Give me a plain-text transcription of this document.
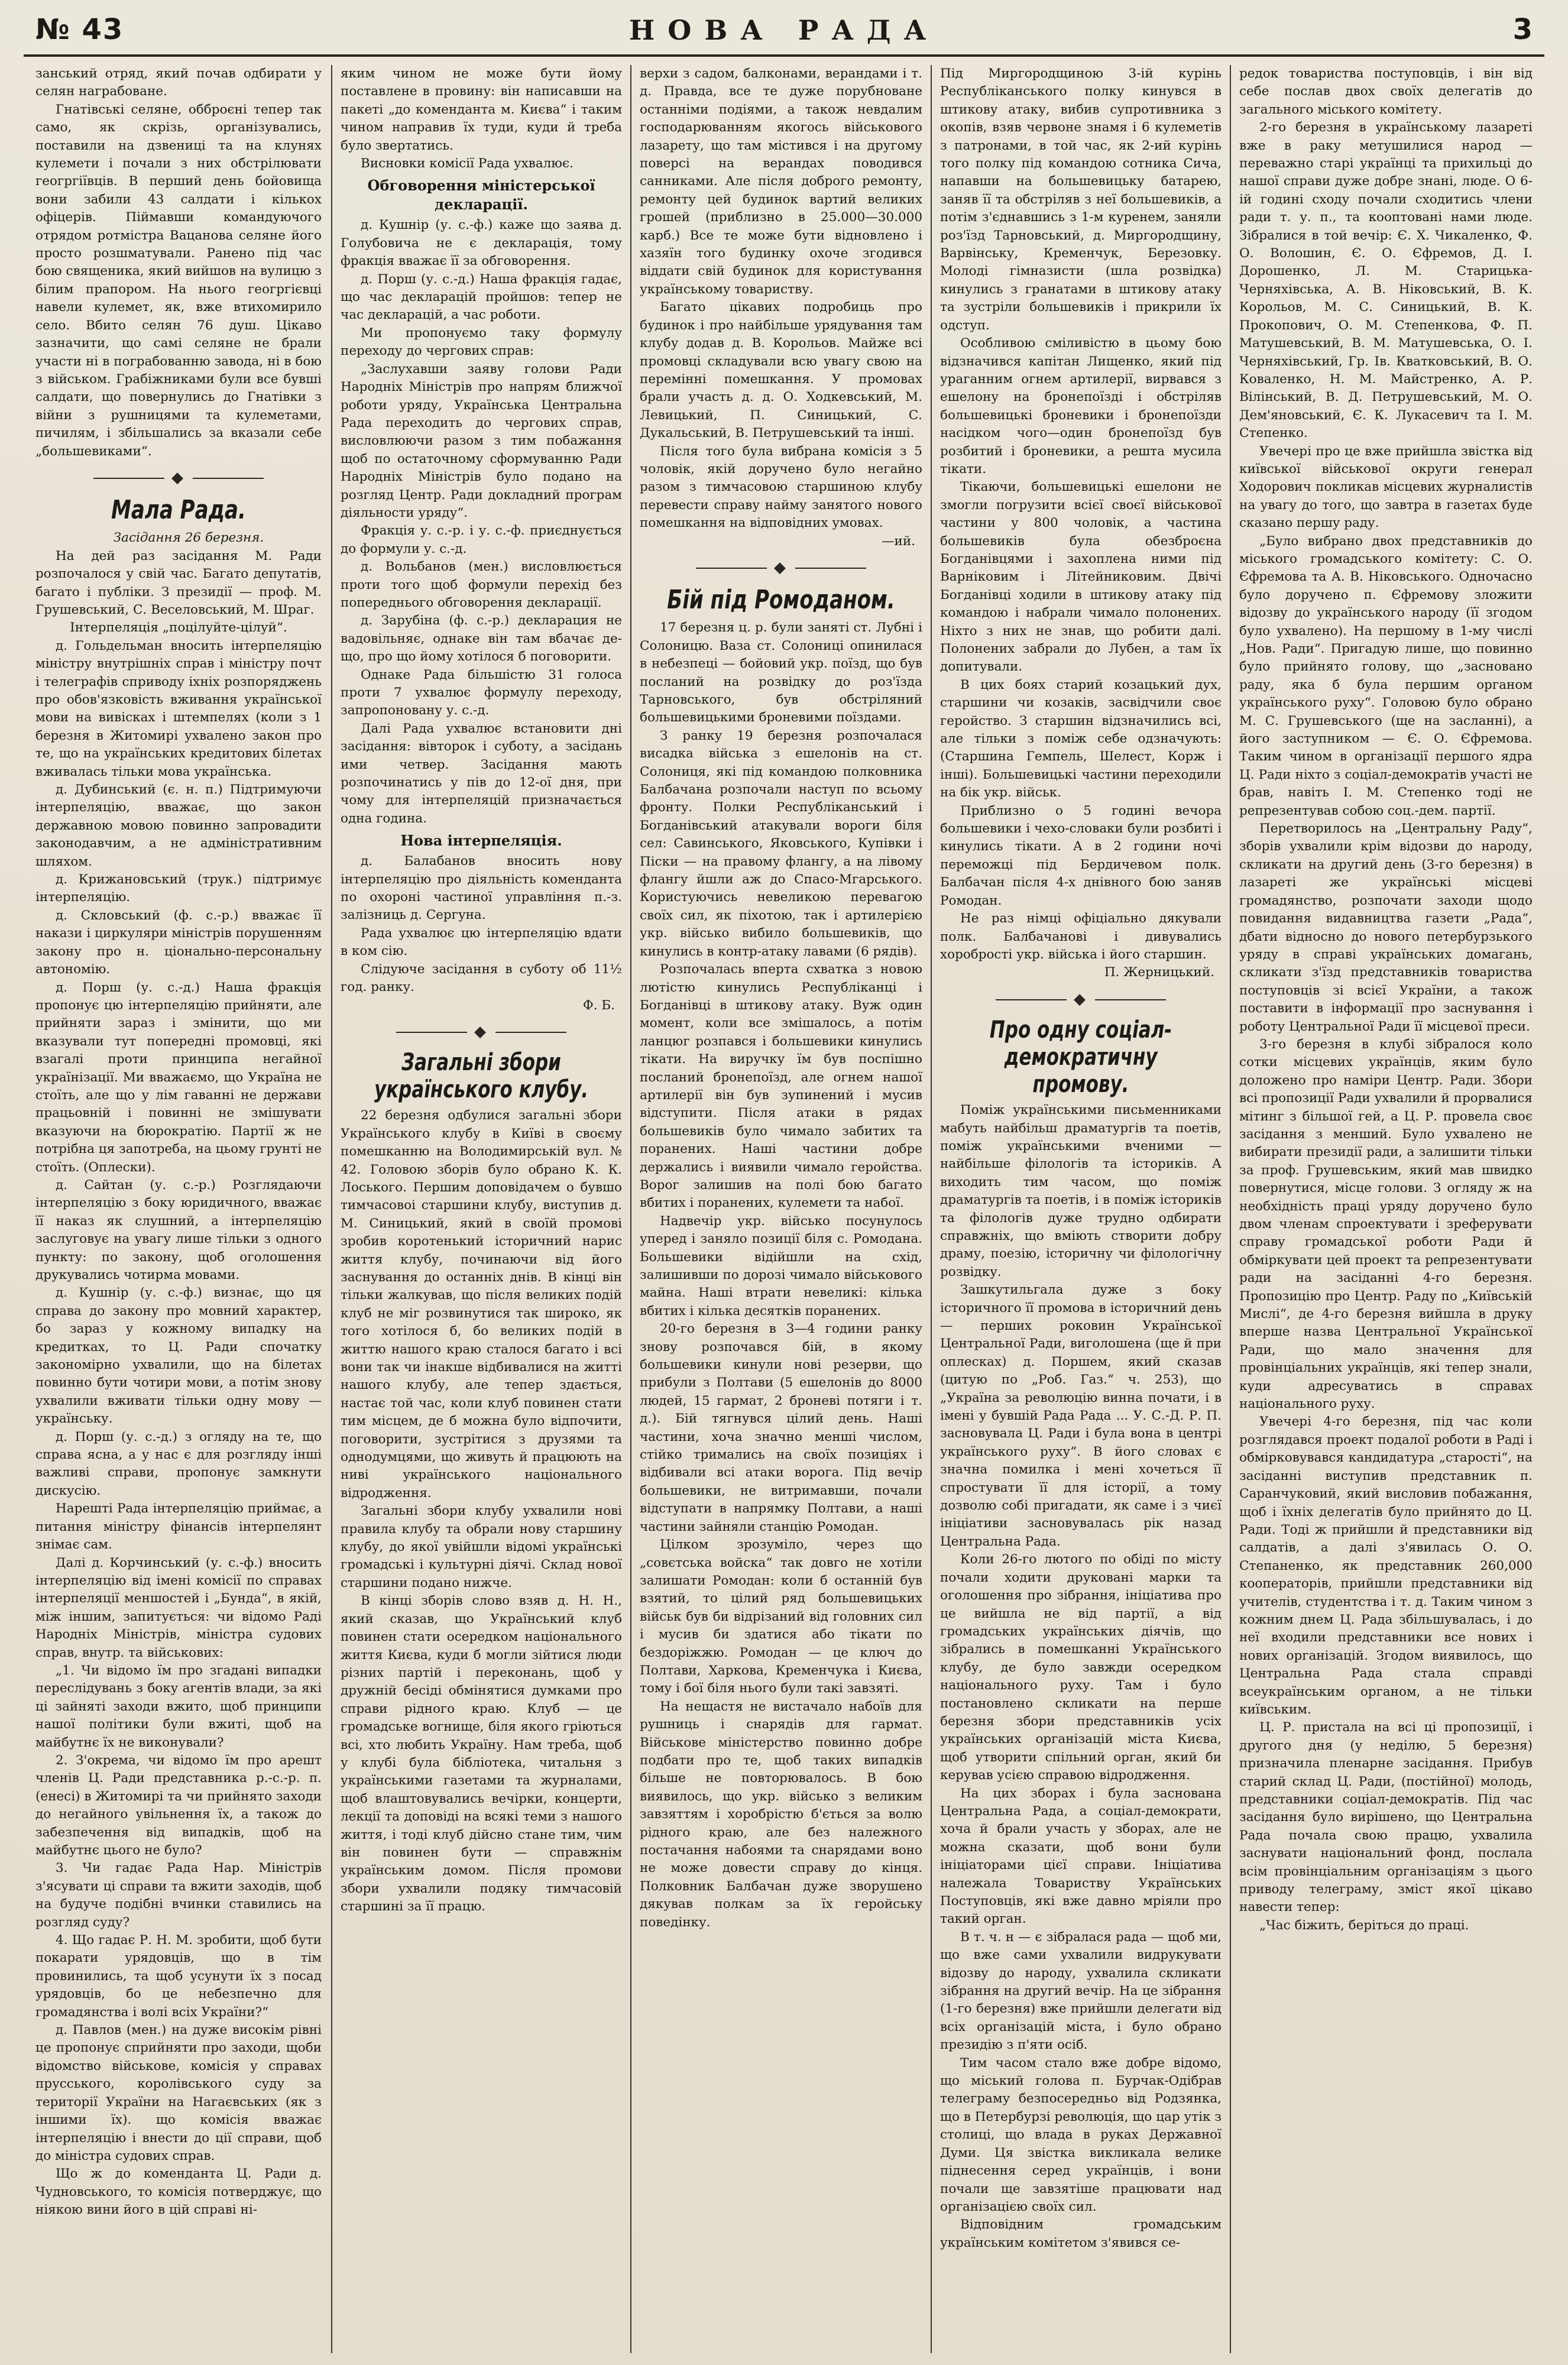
№ 43	НОВА РАДА	3

занський отряд, який почав одбирати у селян награбоване.

Гнатівські селяне, обброєні тепер так само, як скрізь, організувались, поставили на дзвениці та на клунях кулемети і почали з них обстрілювати геогргіївців. В перший день бойовища вони забили 43 салдати і кількох офіцерів. Піймавши командуючого отрядом ротмістра Вацанова селяне його просто розшматували. Ранено під час бою священика, який вийшов на вулицю з білим прапором. На нього геогргієвці навели кулемет, як, вже втихомирило село. Вбито селян 76 душ. Цікаво зазначити, що самі селяне не брали участи ні в пограбованню завода, ні в бою з військом. Грабіжниками були все бувші салдати, що повернулись до Гнатівки з війни з рушницями та кулеметами, пичилям, і збільшались за вказали себе „большевиками“.

◆
Мала Рада.

Засідання 26 березня.

На дей раз засідання М. Ради розпочалося у свій час. Багато депутатів, багато і публіки. З президії — проф. М. Грушевський, С. Веселовський, М. Шраг.

Інтерпеляція „поцілуйте-цілуй“.

д. Гольдельман вносить інтерпеляцію міністру внутрішніх справ і міністру почт і телеграфів сприводу іхніх розпоряджень про обов'язковість вживання української мови на вивісках і штемпелях (коли з 1 березня в Житомирі ухвалено закон про те, що на українських кредитових білетах вживалась тільки мова українська.

д. Дубинський (є. н. п.) Підтримуючи інтерпеляцію, вважає, що закон державною мовою повинно запровадити законодавчим, а не адміністративним шляхом.

д. Крижановський (трук.) підтримує інтерпеляцію.

д. Скловський (ф. с.-р.) вважає її накази і циркуляри міністрів порушенням закону про н. ціонально-персональну автономію.

д. Порш (у. с.-д.) Наша фракція пропонує цю інтерпеляцію прийняти, але прийняти зараз і змінити, що ми вказували тут попередні промовці, які взагалі проти принципа негайної українізації. Ми вважаємо, що Україна не стоїть, але що у лім гаванні не держави працьовній і повинні не змішувати вказуючи на бюрократію. Партії ж не потрібна ця запотреба, на цьому грунті не стоїть. (Оплески).

д. Сайтан (у. с.-р.) Розглядаючи інтерпеляцію з боку юридичного, вважає її наказ як слушний, а інтерпеляцію заслуговує на увагу лише тільки з одного пункту: по закону, щоб оголошення друкувались чотирма мовами.

д. Кушнір (у. с.-ф.) визнає, що ця справа до закону про мовний характер, бо зараз у кожному випадку на кредитках, то Ц. Ради спочатку закономірно ухвалили, що на білетах повинно бути чотири мови, а потім знову ухвалили вживати тільки одну мову — українську.

д. Порш (у. с.-д.) з огляду на те, що справа ясна, а у нас є для розгляду інші важливі справи, пропонує замкнути дискусію.

Нарешті Рада інтерпеляцію приймає, а питання міністру фінансів інтерпелянт знімає сам.

Далі д. Корчинський (у. с.-ф.) вносить інтерпеляцію від імені комісії по справах інтерпеляції меншостей і „Бунда“, в якій, між іншим, запитується: чи відомо Раді Народніх Міністрів, міністра судових справ, внутр. та військових:

„1. Чи відомо їм про згадані випадки переслідувань з боку агентів влади, за які ці зайняті заходи вжито, щоб принципи нашої політики були вжиті, щоб на майбутнє їх не виконували?

2. З'окрема, чи відомо їм про арешт членів Ц. Ради представника р.-с.-р. п. (енесі) в Житомирі та чи прийнято заходи до негайного увільнення їх, а також до забезпечення від випадків, щоб на майбутнє цього не було?

3. Чи гадає Рада Нар. Міністрів з'ясувати ці справи та вжити заходів, щоб на будуче подібні вчинки ставились на розгляд суду?

4. Що гадає Р. Н. М. зробити, щоб бути покарати урядовців, що в тім провинились, та щоб усунути їх з посад урядовців, бо це небезпечно для громадянства і волі всіх України?“

д. Павлов (мен.) на дуже високім рівні це пропонує сприйняти про заходи, щоби відомство військове, комісія у справах прусського, королівського суду за території України на Нагаєвських (як з іншими їх). що комісія вважає інтерпеляцію і внести до ції справи, щоб до міністра судових справ.

Що ж до коменданта Ц. Ради д. Чудновського, то комісія потверджує, що ніякою вини його в цій справі ні-

яким чином не може бути йому поставлене в провину: він написавши на пакеті „до коменданта м. Києва“ і таким чином направив їх туди, куди й треба було звертатись.

Висновки комісії Рада ухвалює.

Обговорення міністерської декларації.

д. Кушнір (у. с.-ф.) каже що заява д. Голубовича не є декларація, тому фракція вважає її за обговорення.

д. Порш (у. с.-д.) Наша фракція гадає, що час декларацій пройшов: тепер не час декларацій, а час роботи.

Ми пропонуємо таку формулу переходу до чергових справ:

„Заслухавши заяву голови Ради Народніх Міністрів про напрям ближчої роботи уряду, Українська Центральна Рада переходить до чергових справ, висловлюючи разом з тим побажання щоб по остаточному сформуванню Ради Народніх Міністрів було подано на розгляд Центр. Ради докладний програм діяльности уряду“.

Фракція у. с.-р. і у. с.-ф. приєднується до формули у. с.-д.

д. Вольбанов (мен.) висловлюється проти того щоб формули перехід без попереднього обговорення декларації.

д. Зарубіна (ф. с.-р.) декларация не вадовільняє, однаке він там вбачає де-що, про що йому хотілося б поговорити.

Однаке Рада більшістю 31 голоса проти 7 ухвалює формулу переходу, запропоновану у. с.-д.

Далі Рада ухвалює встановити дні засідання: вівторок і суботу, а засідань ими четвер. Засідання мають розпочинатись у пів до 12-ої дня, при чому для інтерпеляцій призначається одна година.

Нова інтерпеляція.

д. Балабанов вносить нову інтерпеляцію про діяльність коменданта по охороні частиної управління п.-з. залізниць д. Сергуна.

Рада ухвалює цю інтерпеляцію вдати в ком сію.

Слідуюче засідання в суботу об 11½ год. ранку.

Ф. Б.

◆
Загальні збори українського клубу.

22 березня одбулися загальні збори Українського клубу в Київі в своєму помешканню на Володимирській вул. № 42. Головою зборів було обрано К. К. Лоського. Першим доповідачем о бувшо тимчасовоі старшини клубу, виступив д. М. Синицький, який в своїй промові зробив коротенький історичний нарис життя клубу, починаючи від його заснування до останніх днів. В кінці він тільки жалкував, що після великих подій клуб не міг розвинутися так широко, як того хотілося б, бо великих подій в життю нашого краю сталося багато і всі вони так чи інакше відбивалися на житті нашого клубу, але тепер здається, настає той час, коли клуб повинен стати тим місцем, де б можна було відпочити, поговорити, зустрітися з друзями та однодумцями, що живуть й працюють на ниві українського національного відродження.

Загальні збори клубу ухвалили нові правила клубу та обрали нову старшину клубу, до якої увійшли відомі українські громадські і культурні діячі. Склад нової старшини подано нижче.

В кінці зборів слово взяв д. Н. Н., який сказав, що Український клуб повинен стати осередком національного життя Києва, куди б могли зійтися люди різних партій і переконань, щоб у дружній бесіді обмінятися думками про справи рідного краю. Клуб — це громадське вогнище, біля якого гріються всі, хто любить Україну. Нам треба, щоб у клубі була бібліотека, читальня з українськими газетами та журналами, щоб влаштовувались вечірки, концерти, лекції та доповіді на всякі теми з нашого життя, і тоді клуб дійсно стане тим, чим він повинен бути — справжнім українським домом. Після промови збори ухвалили подяку тимчасовій старшині за її працю.

верхи з садом, балконами, верандами і т. д. Правда, все те дуже порубноване останніми подіями, а також невдалим господарюванням якогось військового лазарету, що там містився і на другому поверсі на верандах поводився санниками. Але після доброго ремонту, ремонту цей будинок вартий великих грошей (приблизно в 25.000—30.000 карб.) Все те може бути відновлено і хазяїн того будинку охоче згодився віддати свій будинок для користування українському товариству.

Багато цікавих подробиць про будинок і про найбільше урядування там клубу додав д. В. Корольов. Майже всі промовці складували всю увагу свою на перемінні помешкання. У промовах брали участь д. д. О. Ходкевський, М. Левицький, П. Синицький, С. Дукальський, В. Петрушевський та інші.

Після того була вибрана комісія з 5 чоловік, якій доручено було негайно разом з тимчасовою старшиною клубу перевести справу найму занятого нового помешкання на відповідних умовах.

—ий.

◆
Бій під Ромоданом.

17 березня ц. р. були заняті ст. Лубні і Солоницю. Ваза ст. Солониці опинилася в небезпеці — бойовий укр. поїзд, що був посланий на розвідку до роз'їзда Тарновського, був обстріляний большевицькими броневими поїздами.

З ранку 19 березня розпочалася висадка війська з ешелонів на ст. Солониця, які під командою полковника Балбачана розпочали наступ по всьому фронту. Полки Республіканський і Богданівський атакували вороги біля сел: Савинського, Яковського, Купівки і Піски — на правому флангу, а на лівому флангу йшли аж до Спасо-Мгарського. Користуючись невеликою перевагою своїх сил, як піхотою, так і артилерією укр. військо вибило большевиків, що кинулись в контр-атаку лавами (6 рядів).

Розпочалась вперта схватка з новою лютістю кинулись Республіканці і Богданівці в штикову атаку. Вуж один момент, коли все змішалось, а потім ланцюг розпався і большевики кинулись тікати. На виручку їм був поспішно посланий бронепоїзд, але огнем нашої артилерії він був зупинений і мусив відступити. Після атаки в рядах большевиків було чимало забитих та поранених. Наші частини добре держались і виявили чимало геройства. Ворог залишив на полі бою багато вбитих і поранених, кулемети та набої.

Надвечір укр. військо посунулось уперед і заняло позиції біля с. Ромодана. Большевики відійшли на схід, залишивши по дорозі чимало військового майна. Наші втрати невеликі: кілька вбитих і кілька десятків поранених.

20-го березня в 3—4 години ранку знову розпочався бій, в якому большевики кинули нові резерви, що прибули з Полтави (5 ешелонів до 8000 людей, 15 гармат, 2 броневі потяги і т. д.). Бій тягнувся цілий день. Наші частини, хоча значно менші числом, стійко тримались на своїх позиціях і відбивали всі атаки ворога. Під вечір большевики, не витримавши, почали відступати в напрямку Полтави, а наші частини зайняли станцію Ромодан.

Цілком зрозуміло, через що „совєтська войска“ так довго не хотіли залишати Ромодан: коли б останній був взятий, то цілий ряд большевицьких військ був би відрізаний від головних сил і мусив би здатися або тікати по бездоріжжю. Ромодан — це ключ до Полтави, Харкова, Кременчука і Києва, тому і бої біля нього були такі завзяті.

На нещастя не вистачало набоїв для рушниць і снарядів для гармат. Військове міністерство повинно добре подбати про те, щоб таких випадків більше не повторювалось. В бою виявилось, що укр. військо з великим завзяттям і хоробрістю б'ється за волю рідного краю, але без належного постачання набоями та снарядами воно не може довести справу до кінця. Полковник Балбачан дуже зворушено дякував полкам за їх геройську поведінку.

Під Миргородщиною 3-ій курінь Республіканського полку кинувся в штикову атаку, вибив супротивника з окопів, взяв червоне знамя і 6 кулеметів з патронами, в той час, як 2-ий курінь того полку під командою сотника Сича, напавши на большевицьку батарею, заняв її та обстріляв з неї большевиків, а потім з'єднавшись з 1-м куренем, заняли роз'їзд Тарновський, д. Миргородщину, Варвінську, Кременчук, Березовку. Молоді гімназисти (шла розвідка) кинулись з гранатами в штикову атаку та зустріли большевиків і прикрили їх одступ.

Особливою сміливістю в цьому бою відзначився капітан Лищенко, який під ураганним огнем артилерії, вирвався з ешелону на бронепоїзді і обстріляв большевицькі броневики і бронепоїзди насідком чого—один бронепоїзд був розбитий і броневики, а решта мусила тікати.

Тікаючи, большевицькі ешелони не змогли погрузити всієї своєї військової частини у 800 чоловік, а частина большевиків була обезброєна Богданівцями і захоплена ними під Варніковим і Літейниковим. Двічі Богданівці ходили в штикову атаку під командою і набрали чимало полонених. Ніхто з них не знав, що робити далі. Полонених забрали до Лубен, а там їх допитували.

В цих боях старий козацький дух, старшини чи козаків, засвідчили своє геройство. З старшин відзначились всі, але тільки з поміж себе одзначують: (Старшина Гемпель, Шелест, Корж і інші). Большевицькі частини переходили на бік укр. військ.

Приблизно о 5 годині вечора большевики і чехо-словаки були розбиті і кинулись тікати. А в 2 години ночі переможці під Бердичевом полк. Балбачан після 4-х днівного бою заняв Ромодан.

Не раз німці офіціально дякували полк. Балбачанові і дивувались хоробрості укр. війська і його старшин.

П. Жерницький.

◆
Про одну соціал-демократичну промову.

Поміж українськими письменниками мабуть найбільш драматургів та поетів, поміж українськими вченими — найбільше філологів та істориків. А виходить тим часом, що поміж драматургів та поетів, і в поміж істориків та філологів дуже трудно одбирати справжніх, що вміють створити добру драму, поезію, історичну чи філологічну розвідку.

Зашкутильгала дуже з боку історичного її промова в історичний день — перших роковин Української Центральної Ради, виголошена (ще й при оплесках) д. Поршем, який сказав (цитую по „Роб. Газ.“ ч. 253), що „Україна за революцію винна почати, і в імені у бувшій Рада Рада ... У. С.-Д. Р. П. засновувала Ц. Ради і була вона в центрі українського руху“. В його словах є значна помилка і мені хочеться її спростувати її для історії, а тому дозволю собі пригадати, як саме і з чиєї ініціативи засновувалась рік назад Центральна Рада.

Коли 26-го лютого по обіді по місту почали ходити друковані марки та оголошення про зібрання, ініціатива про це вийшла не від партії, а від громадських українських діячів, що зібрались в помешканні Українського клубу, де було завжди осередком національного руху. Там і було постановлено скликати на перше березня збори представників усіх українських організацій міста Києва, щоб утворити спільний орган, який би керував усією справою відродження.

На цих зборах і була заснована Центральна Рада, а соціал-демократи, хоча й брали участь у зборах, але не можна сказати, щоб вони були ініціаторами цієї справи. Ініціатива належала Товариству Українських Поступовців, які вже давно мріяли про такий орган.

В т. ч. н — є зібралася рада — щоб ми, що вже сами ухвалили видрукувати відозву до народу, ухвалила скликати зібрання на другий вечір. На це зібрання (1-го березня) вже прийшли делегати від всіх організацій міста, і було обрано президію з п'яти осіб.

Тим часом стало вже добре відомо, що міський голова п. Бурчак-Одібрав телеграму безпосередньо від Родзянка, що в Петербурзі революція, що цар утік з столиці, що влада в руках Державної Думи. Ця звістка викликала велике піднесення серед українців, і вони почали ще завзятіше працювати над організацією своїх сил.

Відповідним громадським українським комітетом з'явився се-

редок товариства поступовців, і він від себе послав двох своїх делегатів до загального міського комітету.

2-го березня в українському лазареті вже в раку метушилися народ — переважно старі українці та прихильці до нашої справи дуже добре знані, люде. О 6-ій годині сходу почали сходитись члени ради т. у. п., та кооптовані нами люде. Зібралися в той вечір: Є. Х. Чикаленко, Ф. О. Волошин, Є. О. Єфремов, Д. І. Дорошенко, Л. М. Старицька-Черняхівська, А. В. Ніковський, В. К. Корольов, М. С. Синицький, В. К. Прокопович, О. М. Степенкова, Ф. П. Матушевський, В. М. Матушевська, О. І. Черняхівський, Гр. Ів. Кватковський, В. О. Коваленко, Н. М. Майстренко, А. Р. Вілінський, В. Д. Петрушевський, М. О. Дем'яновський, Є. К. Лукасевич та І. М. Степенко.

Увечері про це вже прийшла звістка від київської військової округи генерал Ходорович покликав місцевих журналистів на увагу до того, що завтра в газетах буде сказано першу раду.

„Було вибрано двох представників до міського громадського комітету: С. О. Єфремова та А. В. Ніковського. Одночасно було доручено п. Єфремову зложити відозву до українського народу (її згодом було ухвалено). На першому в 1-му числі „Нов. Ради“. Пригадую лише, що повинно було прийнято голову, що „засновано раду, яка б була першим органом українського руху“. Головою було обрано М. С. Грушевського (ще на засланні), а його заступником — Є. О. Єфремова. Таким чином в організації першого ядра Ц. Ради ніхто з соціал-демократів участі не брав, навіть І. М. Степенко тоді не репрезентував собою соц.-дем. партії.

Перетворилось на „Центральну Раду“, зборів ухвалили крім відозви до народу, скликати на другий день (3-го березня) в лазареті же українські місцеві громадянство, розпочати заходи щодо повидання видавництва газети „Рада“, дбати відносно до нового петербурзького уряду в справі українських домагань, скликати з'їзд представників товариства поступовців зі всієї України, а також поставити в інформації про заснування і роботу Центральної Ради її місцевої преси.

3-го березня в клубі зібралося коло сотки місцевих українців, яким було доложено про наміри Центр. Ради. Збори всі пропозиції Ради ухвалили й прорвалися мітинг з більшої гей, а Ц. Р. провела своє засідання з менший. Було ухвалено не вибирати президії ради, а залишити тільки за проф. Грушевським, який мав швидко повернутися, місце голови. З огляду ж на необхідність праці уряду доручено було двом членам спроектувати і зреферувати справу громадської роботи Ради й обміркувати цей проект та репрезентувати ради на засіданні 4-го березня. Пропозицію про Центр. Раду по „Київській Мислі“, де 4-го березня вийшла в друку вперше назва Центральної Української Ради, що мало значення для провінціальних українців, які тепер знали, куди адресуватись в справах національного руху.

Увечері 4-го березня, під час коли розглядався проект подалої роботи в Раді і обмірковувався кандидатура „старості“, на засіданні виступив представник п. Саранчуковий, який висловив побажання, щоб і їхніх делегатів було прийнято до Ц. Ради. Тоді ж прийшли й представники від салдатів, а далі з'явилась О. О. Степаненко, як представник 260,000 кооператорів, прийшли представники від учителів, студентства і т. д. Таким чином з кожним днем Ц. Рада збільшувалась, і до неї входили представники все нових і нових організацій. Згодом виявилось, що Центральна Рада стала справді всеукраїнським органом, а не тільки київським.

Ц. Р. пристала на всі ці пропозиції, і другого дня (у неділю, 5 березня) призначила пленарне засідання. Прибув старий склад Ц. Ради, (постійної) молодь, представники соціал-демократів. Під час засідання було вирішено, що Центральна Рада почала свою працю, ухвалила заснувати національний фонд, послала всім провінціальним організаціям з цього приводу телеграму, зміст якої цікаво навести тепер:

„Час біжить, беріться до праці.
